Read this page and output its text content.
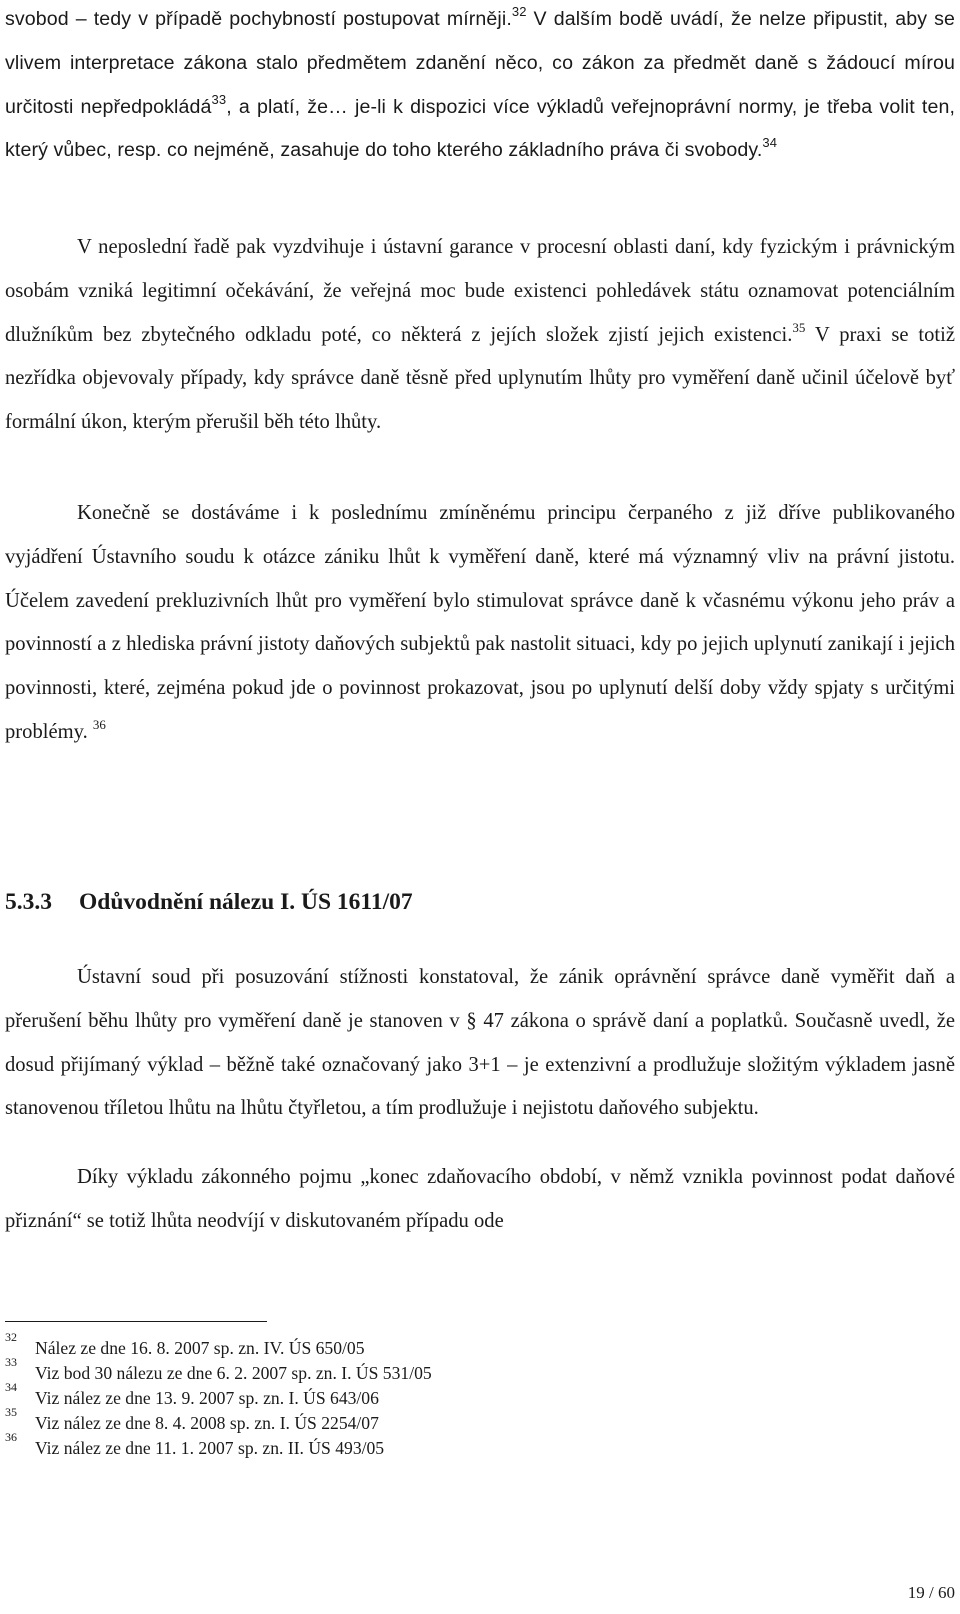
svobod – tedy v případě pochybností postupovat mírněji.$^{32}$ V dalším bodě uvádí, že nelze připustit, aby se vlivem interpretace zákona stalo předmětem zdanění něco, co zákon za předmět daně s žádoucí mírou určitosti nepředpokládá$^{33}$, a platí, že… je-li k dispozici více výkladů veřejnoprávní normy, je třeba volit ten, který vůbec, resp. co nejméně, zasahuje do toho kterého základního práva či svobody.$^{34}$

V neposlední řadě pak vyzdvihuje i ústavní garance v procesní oblasti daní, kdy fyzickým i právnickým osobám vzniká legitimní očekávání, že veřejná moc bude existenci pohledávek státu oznamovat potenciálním dlužníkům bez zbytečného odkladu poté, co některá z jejích složek zjistí jejich existenci.$^{35}$ V praxi se totiž nezřídka objevovaly případy, kdy správce daně těsně před uplynutím lhůty pro vyměření daně učinil účelově byť formální úkon, kterým přerušil běh této lhůty.

Konečně se dostáváme i k poslednímu zmíněnému principu čerpaného z již dříve publikovaného vyjádření Ústavního soudu k otázce zániku lhůt k vyměření daně, které má významný vliv na právní jistotu. Účelem zavedení prekluzivních lhůt pro vyměření bylo stimulovat správce daně k včasnému výkonu jeho práv a povinností a z hlediska právní jistoty daňových subjektů pak nastolit situaci, kdy po jejich uplynutí zanikají i jejich povinnosti, které, zejména pokud jde o povinnost prokazovat, jsou po uplynutí delší doby vždy spjaty s určitými problémy. $^{36}$

5.3.3 Odůvodnění nálezu I. ÚS 1611/07

Ústavní soud při posuzování stížnosti konstatoval, že zánik oprávnění správce daně vyměřit daň a přerušení běhu lhůty pro vyměření daně je stanoven v § 47 zákona o správě daní a poplatků. Současně uvedl, že dosud přijímaný výklad – běžně také označovaný jako 3+1 – je extenzivní a prodlužuje složitým výkladem jasně stanovenou tříletou lhůtu na lhůtu čtyřletou, a tím prodlužuje i nejistotu daňového subjektu.

Díky výkladu zákonného pojmu „konec zdaňovacího období, v němž vznikla povinnost podat daňové přiznání“ se totiž lhůta neodvíjí v diskutovaném případu ode

32
Nález ze dne 16. 8. 2007 sp. zn. IV. ÚS 650/05
33
Viz bod 30 nálezu ze dne 6. 2. 2007 sp. zn. I. ÚS 531/05
34
Viz nález ze dne 13. 9. 2007 sp. zn. I. ÚS 643/06
35
Viz nález ze dne 8. 4. 2008 sp. zn. I. ÚS 2254/07
36
Viz nález ze dne 11. 1. 2007 sp. zn. II. ÚS 493/05
19 / 60
